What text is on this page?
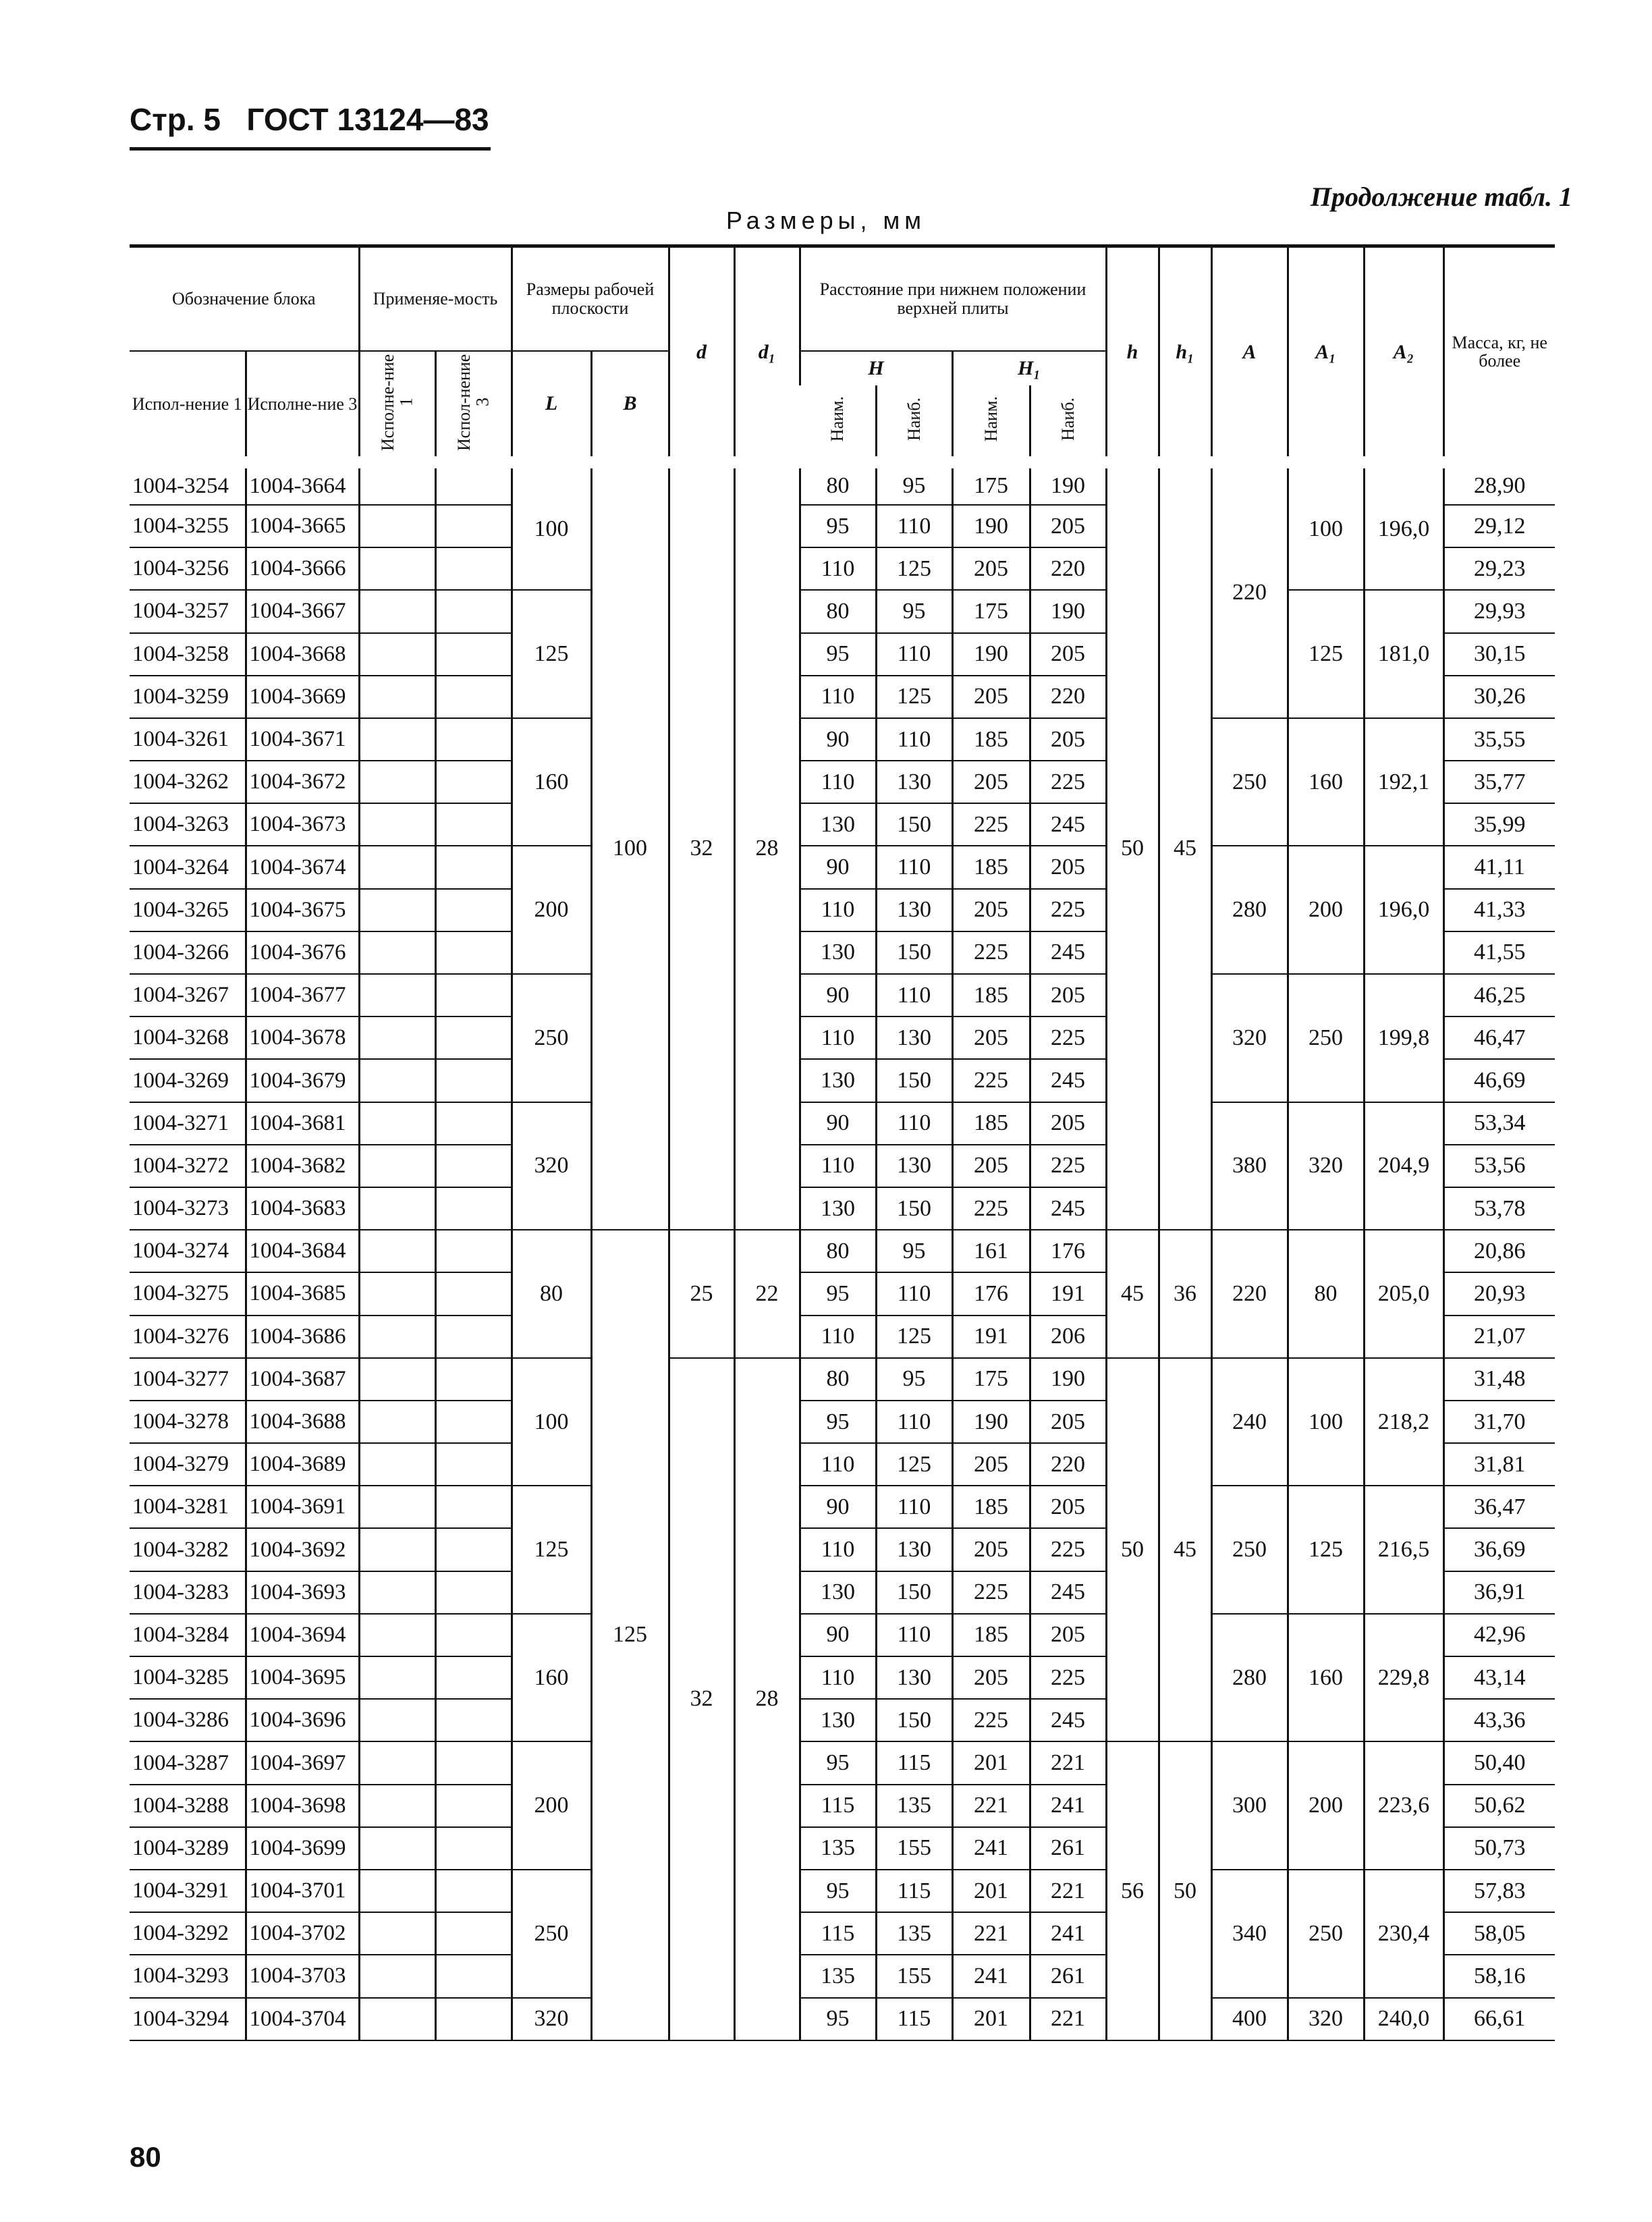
Стр. 5 ГОСТ 13124—83
Продолжение табл. 1
Размеры, мм
Обозначение блока		Применяе-мость		Размеры рабочей плоскости		d	d₁	Расстояние при нижнем положении верхней плиты				h	h₁	A	A₁	A₂	Масса, кг, не более
Испол-нение 1	Исполне-ние 3	Исполне-ние 1	Испол-нение 3	L	B			H		H₁							
								Наим.	Наиб.	Наим.	Наиб.						
1004-3254	1004-3664			100	100	32	28	80	95	175	190	50	45	220	100	196,0	28,90
1004-3255	1004-3665							95	110	190	205						29,12
1004-3256	1004-3666							110	125	205	220						29,23
1004-3257	1004-3667			125				80	95	175	190				125	181,0	29,93
1004-3258	1004-3668							95	110	190	205						30,15
1004-3259	1004-3669							110	125	205	220						30,26
1004-3261	1004-3671			160				90	110	185	205			250	160	192,1	35,55
1004-3262	1004-3672							110	130	205	225						35,77
1004-3263	1004-3673							130	150	225	245						35,99
1004-3264	1004-3674			200				90	110	185	205			280	200	196,0	41,11
1004-3265	1004-3675							110	130	205	225						41,33
1004-3266	1004-3676							130	150	225	245						41,55
1004-3267	1004-3677			250				90	110	185	205			320	250	199,8	46,25
1004-3268	1004-3678							110	130	205	225						46,47
1004-3269	1004-3679							130	150	225	245						46,69
1004-3271	1004-3681			320				90	110	185	205			380	320	204,9	53,34
1004-3272	1004-3682							110	130	205	225						53,56
1004-3273	1004-3683							130	150	225	245						53,78
1004-3274	1004-3684			80	125	25	22	80	95	161	176	45	36	220	80	205,0	20,86
1004-3275	1004-3685							95	110	176	191						20,93
1004-3276	1004-3686							110	125	191	206						21,07
1004-3277	1004-3687			100		32	28	80	95	175	190	50	45	240	100	218,2	31,48
1004-3278	1004-3688							95	110	190	205						31,70
1004-3279	1004-3689							110	125	205	220						31,81
1004-3281	1004-3691			125				90	110	185	205			250	125	216,5	36,47
1004-3282	1004-3692							110	130	205	225						36,69
1004-3283	1004-3693							130	150	225	245						36,91
1004-3284	1004-3694			160				90	110	185	205			280	160	229,8	42,96
1004-3285	1004-3695							110	130	205	225						43,14
1004-3286	1004-3696							130	150	225	245						43,36
1004-3287	1004-3697			200				95	115	201	221	56	50	300	200	223,6	50,40
1004-3288	1004-3698							115	135	221	241						50,62
1004-3289	1004-3699							135	155	241	261						50,73
1004-3291	1004-3701			250				95	115	201	221			340	250	230,4	57,83
1004-3292	1004-3702							115	135	221	241						58,05
1004-3293	1004-3703							135	155	241	261						58,16
1004-3294	1004-3704			320				95	115	201	221			400	320	240,0	66,61
80
